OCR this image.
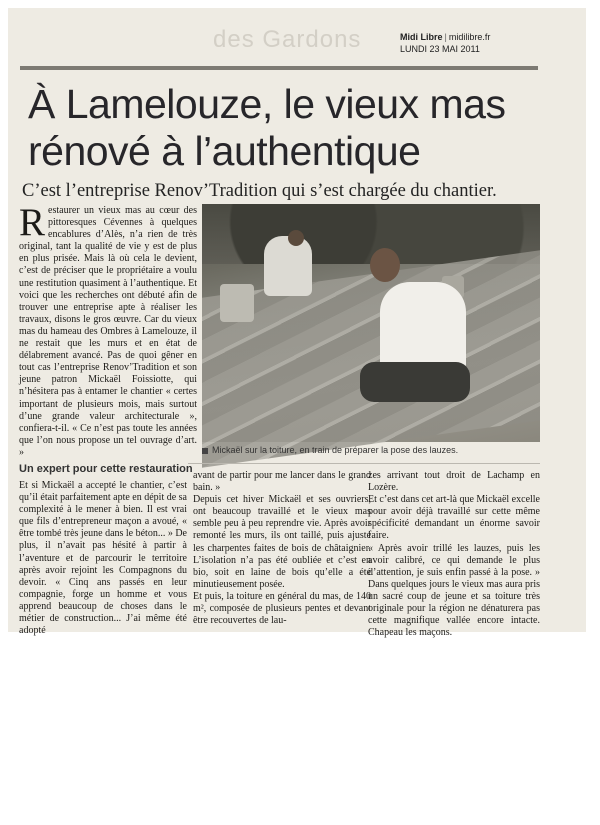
des Gardons	Midi Libre | midilibre.fr
LUNDI 23 MAI 2011
À Lamelouze, le vieux mas
rénové à l’authentique
C’est l’entreprise Renov’Tradition qui s’est chargée du chantier.

Restaurer un vieux mas au cœur des pittoresques Cévennes à quelques encablures d’Alès, n’a rien de très original, tant la qualité de vie y est de plus en plus prisée. Mais là où cela le devient, c’est de préciser que le propriétaire a voulu une restitution quasiment à l’authentique. Et voici que les recherches ont débuté afin de trouver une entreprise apte à réaliser les travaux, disons le gros œuvre. Car du vieux mas du hameau des Ombres à Lamelouze, il ne restait que les murs et en état de délabrement avancé. Pas de quoi gêner en tout cas l’entreprise Renov’Tradition et son jeune patron Mickaël Foissiotte, qui n’hésitera pas à entamer le chantier « certes important de plusieurs mois, mais surtout d’une grande valeur architecturale », confiera-t-il. « Ce n’est pas toute les années que l’on nous propose un tel ouvrage d’art. »	Mickaël sur la toiture, en train de préparer la pose des lauzes.
Un expert pour cette restauration

Et si Mickaël a accepté le chantier, c’est qu’il était parfaitement apte en dépit de sa complexité à le mener à bien. Il est vrai que fils d’entrepreneur maçon a avoué, « être tombé très jeune dans le béton... » De plus, il n’avait pas hésité à partir à l’aventure et de parcourir le territoire après avoir rejoint les Compagnons du devoir. « Cinq ans passés en leur compagnie, forge un homme et vous apprend beaucoup de choses dans le métier de construction... J’ai même été adopté

avant de partir pour me lancer dans le grand bain. »

Depuis cet hiver Mickaël et ses ouvriers, ont beaucoup travaillé et le vieux mas semble peu à peu reprendre vie. Après avoir remonté les murs, ils ont taillé, puis ajusté les charpentes faites de bois de châtaignier. L’isolation n’a pas été oubliée et c’est en bio, soit en laine de bois qu’elle a été minutieusement posée.

Et puis, la toiture en général du mas, de 140 m², composée de plusieurs pentes et devant être recouvertes de lau-

zes arrivant tout droit de Lachamp en Lozère.

Et c’est dans cet art-là que Mickaël excelle pour avoir déjà travaillé sur cette même spécificité demandant un énorme savoir faire.

« Après avoir trillé les lauzes, puis les avoir calibré, ce qui demande le plus d’attention, je suis enfin passé à la pose. » Dans quelques jours le vieux mas aura pris un sacré coup de jeune et sa toiture très originale pour la région ne dénaturera pas cette magnifique vallée encore intacte. Chapeau les maçons.
